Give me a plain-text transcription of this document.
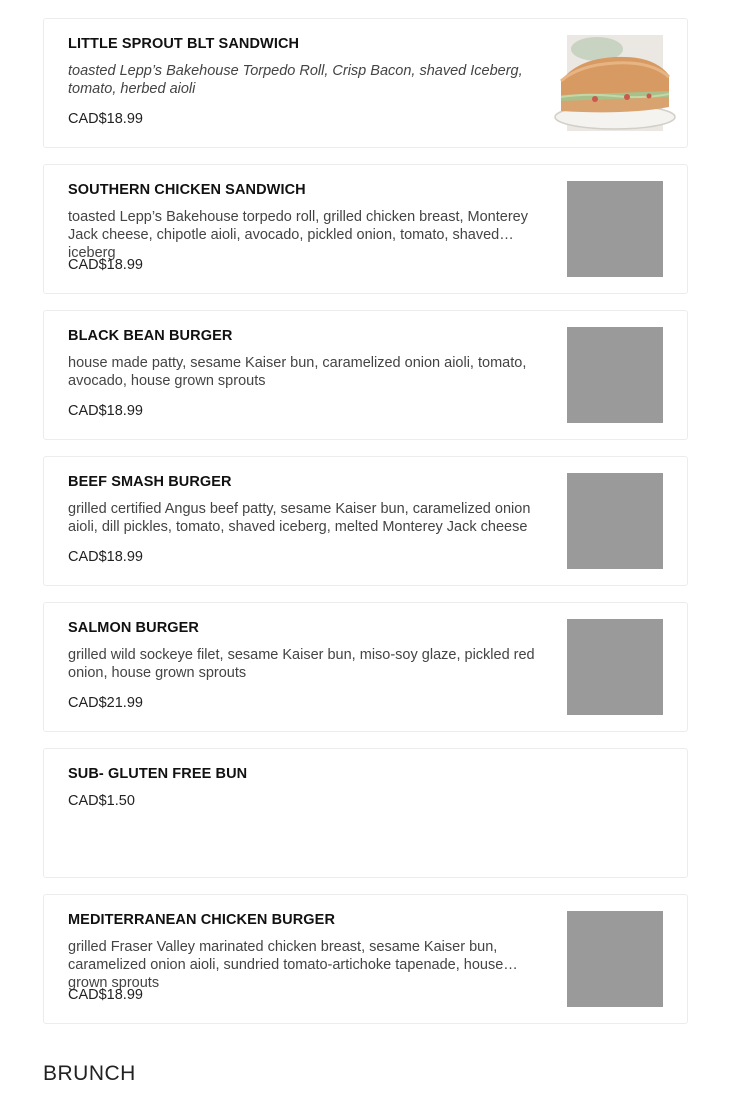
LITTLE SPROUT BLT SANDWICH
toasted Lepp’s Bakehouse Torpedo Roll, Crisp Bacon, shaved Iceberg, tomato, herbed aioli
CAD$18.99
SOUTHERN CHICKEN SANDWICH
toasted Lepp’s Bakehouse torpedo roll, grilled chicken breast, Monterey Jack cheese, chipotle aioli, avocado, pickled onion, tomato, shaved iceberg
CAD$18.99
BLACK BEAN BURGER
house made patty, sesame Kaiser bun, caramelized onion aioli, tomato, avocado, house grown sprouts
CAD$18.99
BEEF SMASH BURGER
grilled certified Angus beef patty, sesame Kaiser bun, caramelized onion aioli, dill pickles, tomato, shaved iceberg, melted Monterey Jack cheese
CAD$18.99
SALMON BURGER
grilled wild sockeye filet, sesame Kaiser bun, miso-soy glaze, pickled red onion, house grown sprouts
CAD$21.99
SUB- GLUTEN FREE BUN
CAD$1.50
MEDITERRANEAN CHICKEN BURGER
grilled Fraser Valley marinated chicken breast, sesame Kaiser bun, caramelized onion aioli, sundried tomato-artichoke tapenade, house grown sprouts
CAD$18.99
BRUNCH
